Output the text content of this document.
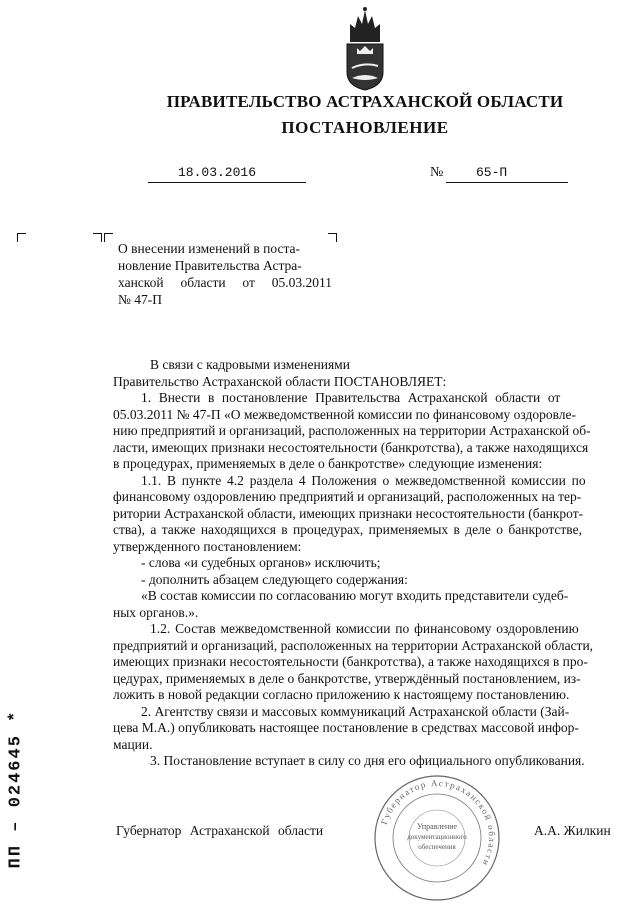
ПРАВИТЕЛЬСТВО АСТРАХАНСКОЙ ОБЛАСТИ
ПОСТАНОВЛЕНИЕ
18.03.2016	№	65-П
О внесении изменений в поста-
новление Правительства Астра-
ханской области от 05.03.2011
№ 47-П
В связи с кадровыми изменениями
Правительство Астраханской области ПОСТАНОВЛЯЕТ:
1. Внести в постановление Правительства Астраханской области от
05.03.2011 № 47-П «О межведомственной комиссии по финансовому оздоровле-
нию предприятий и организаций, расположенных на территории Астраханской об-
ласти, имеющих признаки несостоятельности (банкротства), а также находящихся
в процедурах, применяемых в деле о банкротстве» следующие изменения:
1.1. В пункте 4.2 раздела 4 Положения о межведомственной комиссии по
финансовому оздоровлению предприятий и организаций, расположенных на тер-
ритории Астраханской области, имеющих признаки несостоятельности (банкрот-
ства), а также находящихся в процедурах, применяемых в деле о банкротстве,
утвержденного постановлением:
- слова «и судебных органов» исключить;
- дополнить абзацем следующего содержания:
«В состав комиссии по согласованию могут входить представители судеб-
ных органов.».
1.2. Состав межведомственной комиссии по финансовому оздоровлению
предприятий и организаций, расположенных на территории Астраханской области,
имеющих признаки несостоятельности (банкротства), а также находящихся в про-
цедурах, применяемых в деле о банкротстве, утверждённый постановлением, из-
ложить в новой редакции согласно приложению к настоящему постановлению.
2. Агентству связи и массовых коммуникаций Астраханской области (Зай-
цева М.А.) опубликовать настоящее постановление в средствах массовой инфор-
мации.
3. Постановление вступает в силу со дня его официального опубликования.
Губернатор Астраханской области
Управление
документационного
обеспечения
Губернатор Астраханской области	А.А. Жилкин
ПП – 024645 *
